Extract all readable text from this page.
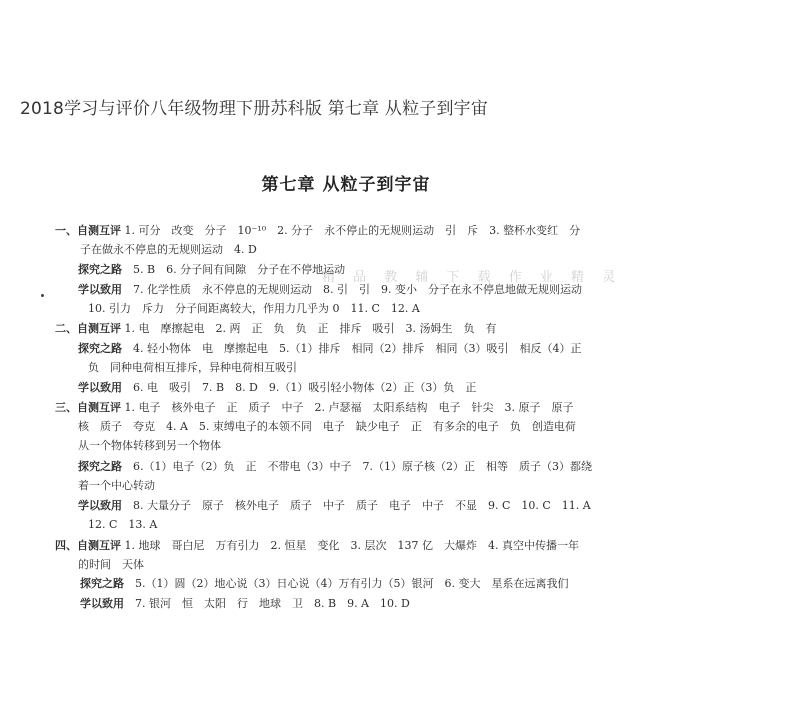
2018学习与评价八年级物理下册苏科版 第七章 从粒子到宇宙
第七章 从粒子到宇宙
精 品 教 辅 下 载 作 业 精 灵
一、自测互评 1. 可分　改变　分子　10⁻¹⁰　2. 分子　永不停止的无规则运动　引　斥　3. 整杯水变红　分
子在做永不停息的无规则运动　4. D
探究之路　5. B　6. 分子间有间隙　分子在不停地运动
学以致用　7. 化学性质　永不停息的无规则运动　8. 引　引　9. 变小　分子在永不停息地做无规则运动
10. 引力　斥力　分子间距离较大，作用力几乎为 0　11. C　12. A
二、自测互评 1. 电　摩擦起电　2. 两　正　负　负　正　排斥　吸引　3. 汤姆生　负　有
探究之路　4. 轻小物体　电　摩擦起电　5.（1）排斥　相同（2）排斥　相同（3）吸引　相反（4）正
负　同种电荷相互排斥，异种电荷相互吸引
学以致用　6. 电　吸引　7. B　8. D　9.（1）吸引轻小物体（2）正（3）负　正
三、自测互评 1. 电子　核外电子　正　质子　中子　2. 卢瑟福　太阳系结构　电子　针尖　3. 原子　原子
核　质子　夸克　4. A　5. 束缚电子的本领不同　电子　缺少电子　正　有多余的电子　负　创造电荷
从一个物体转移到另一个物体
探究之路　6.（1）电子（2）负　正　不带电（3）中子　7.（1）原子核（2）正　相等　质子（3）都绕
着一个中心转动
学以致用　8. 大量分子　原子　核外电子　质子　中子　质子　电子　中子　不显　9. C　10. C　11. A
12. C　13. A
四、自测互评 1. 地球　哥白尼　万有引力　2. 恒星　变化　3. 层次　137 亿　大爆炸　4. 真空中传播一年
的时间　天体
探究之路　5.（1）圆（2）地心说（3）日心说（4）万有引力（5）银河　6. 变大　星系在远离我们
学以致用　7. 银河　恒　太阳　行　地球　卫　8. B　9. A　10. D
